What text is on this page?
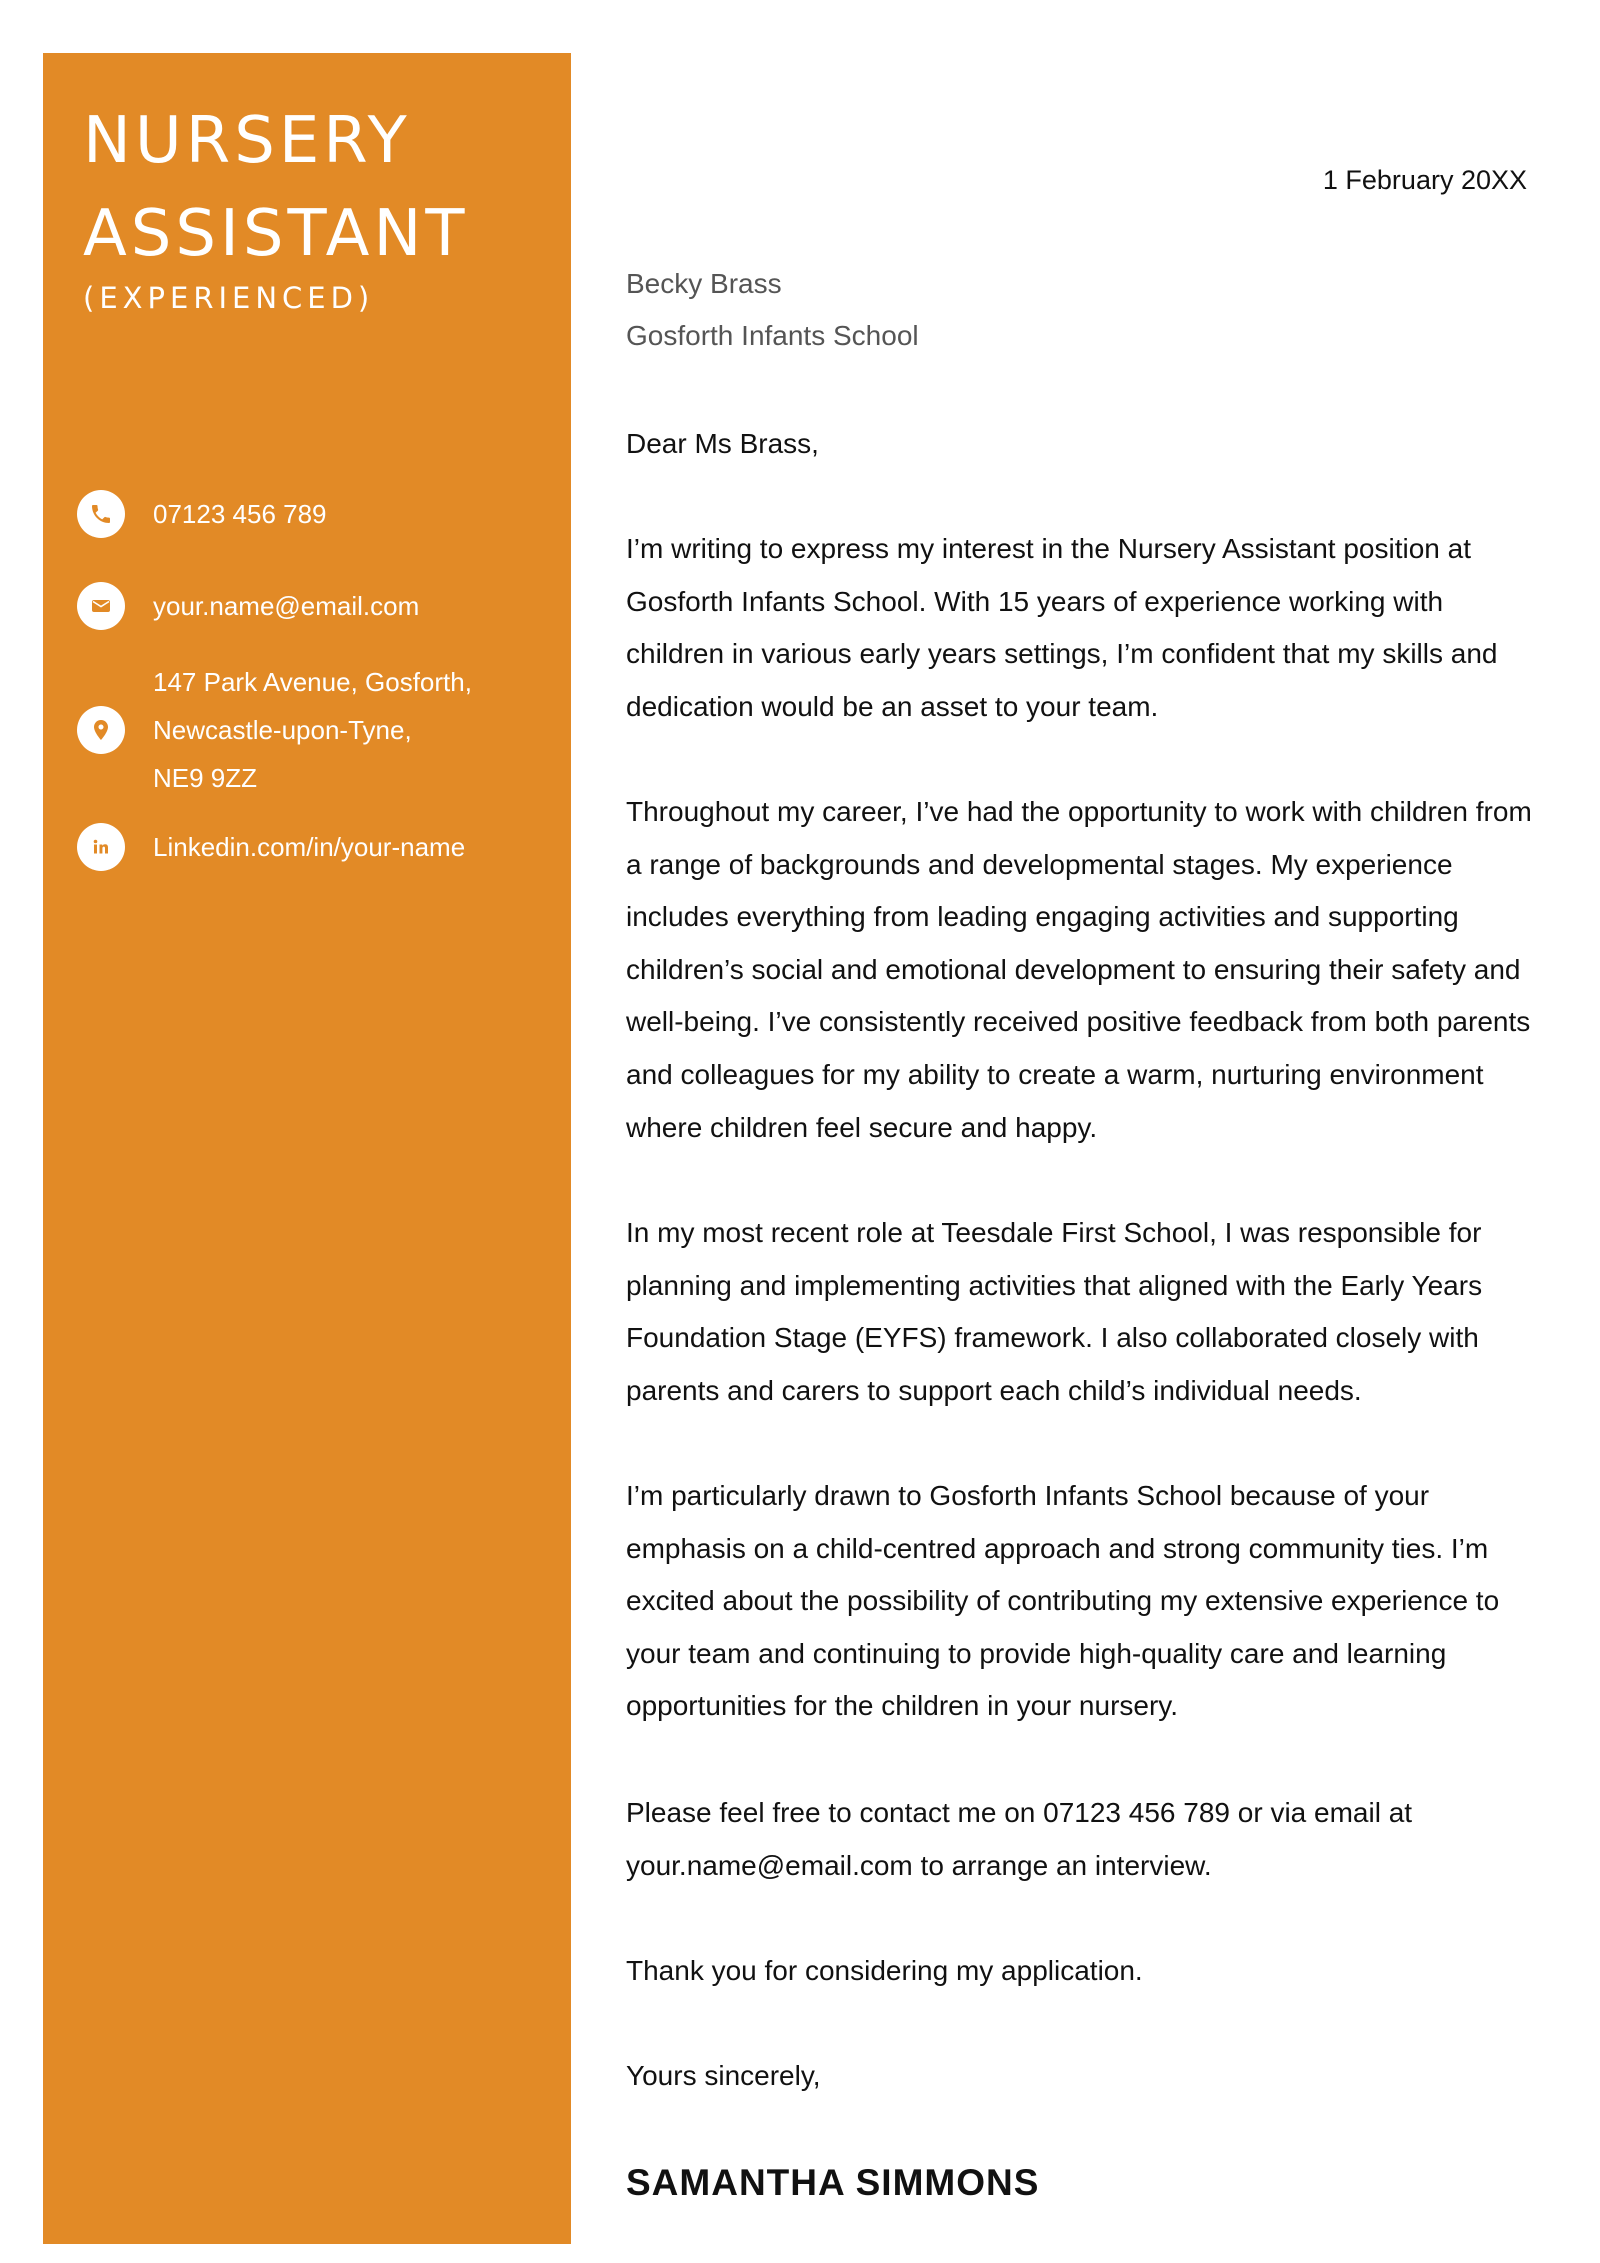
NURSERY
ASSISTANT
(EXPERIENCED)
07123 456 789
your.name@email.com
147 Park Avenue, Gosforth,
Newcastle-upon-Tyne,
NE9 9ZZ
Linkedin.com/in/your-name
1 February 20XX
Becky Brass
Gosforth Infants School

Dear Ms Brass,

I’m writing to express my interest in the Nursery Assistant position at Gosforth Infants School. With 15 years of experience working with children in various early years settings, I’m confident that my skills and dedication would be an asset to your team.

Throughout my career, I’ve had the opportunity to work with children from a range of backgrounds and developmental stages. My experience includes everything from leading engaging activities and supporting children’s social and emotional development to ensuring their safety and well-being. I’ve consistently received positive feedback from both parents and colleagues for my ability to create a warm, nurturing environment where children feel secure and happy.

In my most recent role at Teesdale First School, I was responsible for planning and implementing activities that aligned with the Early Years Foundation Stage (EYFS) framework. I also collaborated closely with parents and carers to support each child’s individual needs.

I’m particularly drawn to Gosforth Infants School because of your emphasis on a child-centred approach and strong community ties. I’m excited about the possibility of contributing my extensive experience to your team and continuing to provide high-quality care and learning opportunities for the children in your nursery.

Please feel free to contact me on 07123 456 789 or via email at your.name@email.com to arrange an interview.

Thank you for considering my application.

Yours sincerely,

SAMANTHA SIMMONS
